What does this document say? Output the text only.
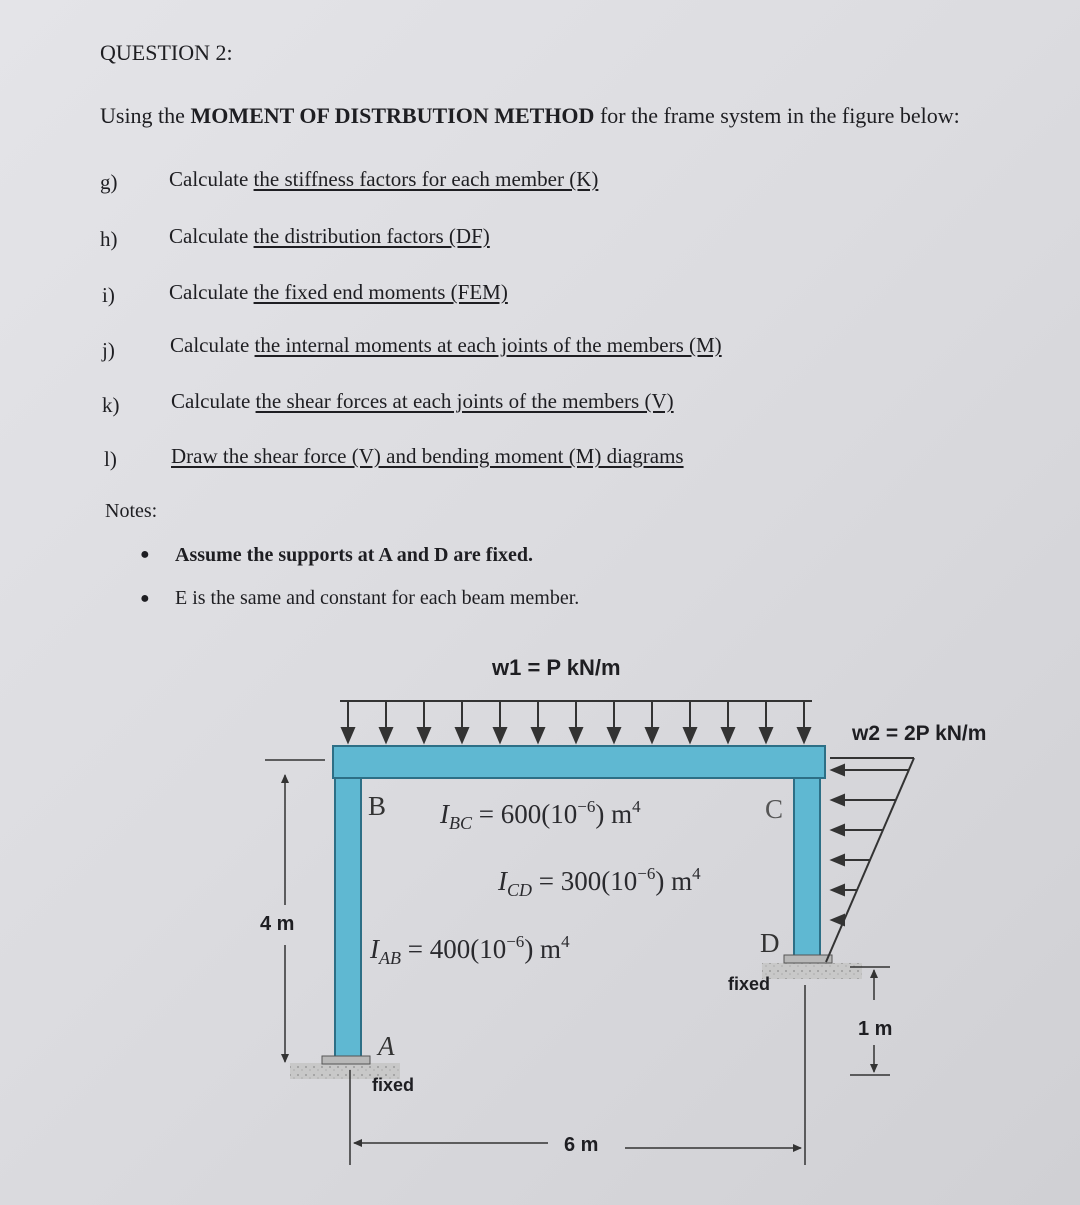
QUESTION 2:
Using the MOMENT OF DISTRBUTION METHOD for the frame system in the figure below:
g) Calculate the stiffness factors for each member (K)
h) Calculate the distribution factors (DF)
i)	Calculate the fixed end moments (FEM)
j)	Calculate the internal moments at each joints of the members (M)
k) Calculate the shear forces at each joints of the members (V)
l)	Draw the shear force (V) and bending moment (M) diagrams
Notes:
● Assume the supports at A and D are fixed.
● E is the same and constant for each beam member.
w1 = P kN/m
w2 = 2P kN/m
B	C
D
A
$I_{BC} = 600(10^{-6})$ $m^4$
$I_{CD} = 300(10^{-6})$ $m^4$
$I_{AB} = 400(10^{-6})$ $m^4$
4 m
6 m
1 m
fixed
fixed
